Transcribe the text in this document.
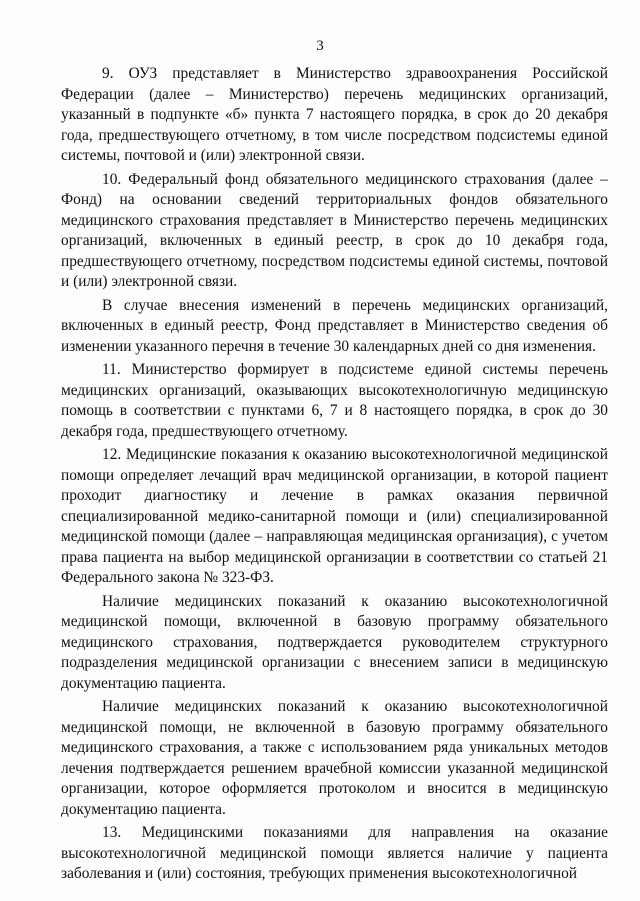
3

9. ОУЗ представляет в Министерство здравоохранения Российской Федерации (далее – Министерство) перечень медицинских организаций, указанный в подпункте «б» пункта 7 настоящего порядка, в срок до 20 декабря года, предшествующего отчетному, в том числе посредством подсистемы единой системы, почтовой и (или) электронной связи.

10. Федеральный фонд обязательного медицинского страхования (далее – Фонд) на основании сведений территориальных фондов обязательного медицинского страхования представляет в Министерство перечень медицинских организаций, включенных в единый реестр, в срок до 10 декабря года, предшествующего отчетному, посредством подсистемы единой системы, почтовой и (или) электронной связи.

В случае внесения изменений в перечень медицинских организаций, включенных в единый реестр, Фонд представляет в Министерство сведения об изменении указанного перечня в течение 30 календарных дней со дня изменения.

11. Министерство формирует в подсистеме единой системы перечень медицинских организаций, оказывающих высокотехнологичную медицинскую помощь в соответствии с пунктами 6, 7 и 8 настоящего порядка, в срок до 30 декабря года, предшествующего отчетному.

12. Медицинские показания к оказанию высокотехнологичной медицинской помощи определяет лечащий врач медицинской организации, в которой пациент проходит диагностику и лечение в рамках оказания первичной специализированной медико-санитарной помощи и (или) специализированной медицинской помощи (далее – направляющая медицинская организация), с учетом права пациента на выбор медицинской организации в соответствии со статьей 21 Федерального закона № 323-ФЗ.

Наличие медицинских показаний к оказанию высокотехнологичной медицинской помощи, включенной в базовую программу обязательного медицинского страхования, подтверждается руководителем структурного подразделения медицинской организации с внесением записи в медицинскую документацию пациента.

Наличие медицинских показаний к оказанию высокотехнологичной медицинской помощи, не включенной в базовую программу обязательного медицинского страхования, а также с использованием ряда уникальных методов лечения подтверждается решением врачебной комиссии указанной медицинской организации, которое оформляется протоколом и вносится в медицинскую документацию пациента.

13. Медицинскими показаниями для направления на оказание высокотехнологичной медицинской помощи является наличие у пациента заболевания и (или) состояния, требующих применения высокотехнологичной
